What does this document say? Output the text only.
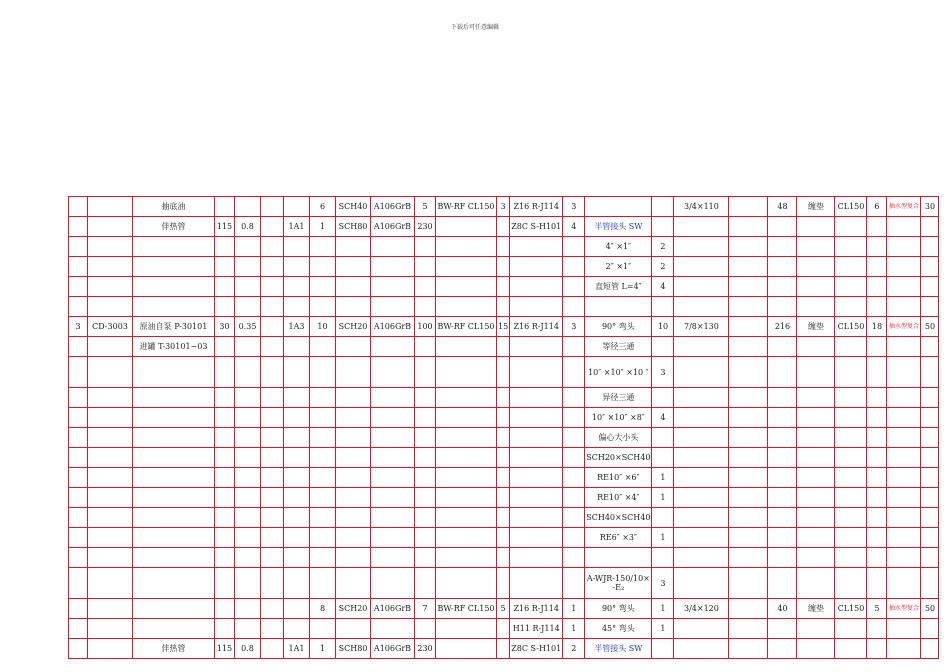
下载后可任意编辑
		抽底油					6	SCH40	A106GrB	5	BW-RF CL150	3	Z16 R-J114	3			3/4×110		48	缠垫	CL150	6	抽水型复合	30
		伴热管	115	0.8		1A1	1	SCH80	A106GrB	230			Z8C S-H101	4	半管接头 SW									
															4″ ×1″	2								
															2″ ×1″	2								
															直短管 L=4″	4								

3	CD-3003	原油自泵 P-30101	30	0.35		1A3	10	SCH20	A106GrB	100	BW-RF CL150	15	Z16 R-J114	3	90° 弯头	10	7/8×130		216	缠垫	CL150	18	抽水型复合	50
		进罐 T-30101~03													等径三通									
															10″ ×10″ ×10 ″	3								
															异径三通									
															10″ ×10″ ×8″	4								
															偏心大小头									
															SCH20×SCH40									
															RE10″ ×6″	1								
															RE10″ ×4″	1								
															SCH40×SCH40									
															RE6″ ×3″	1								

															A-WJR-150/10× -E₂	3								
							8	SCH20	A106GrB	7	BW-RF CL150	5	Z16 R-J114	1	90° 弯头	1	3/4×120		40	缠垫	CL150	5	抽水型复合	50
													H11 R-J114	1	45° 弯头	1								
		伴热管	115	0.8		1A1	1	SCH80	A106GrB	230			Z8C S-H101	2	半管接头 SW									
